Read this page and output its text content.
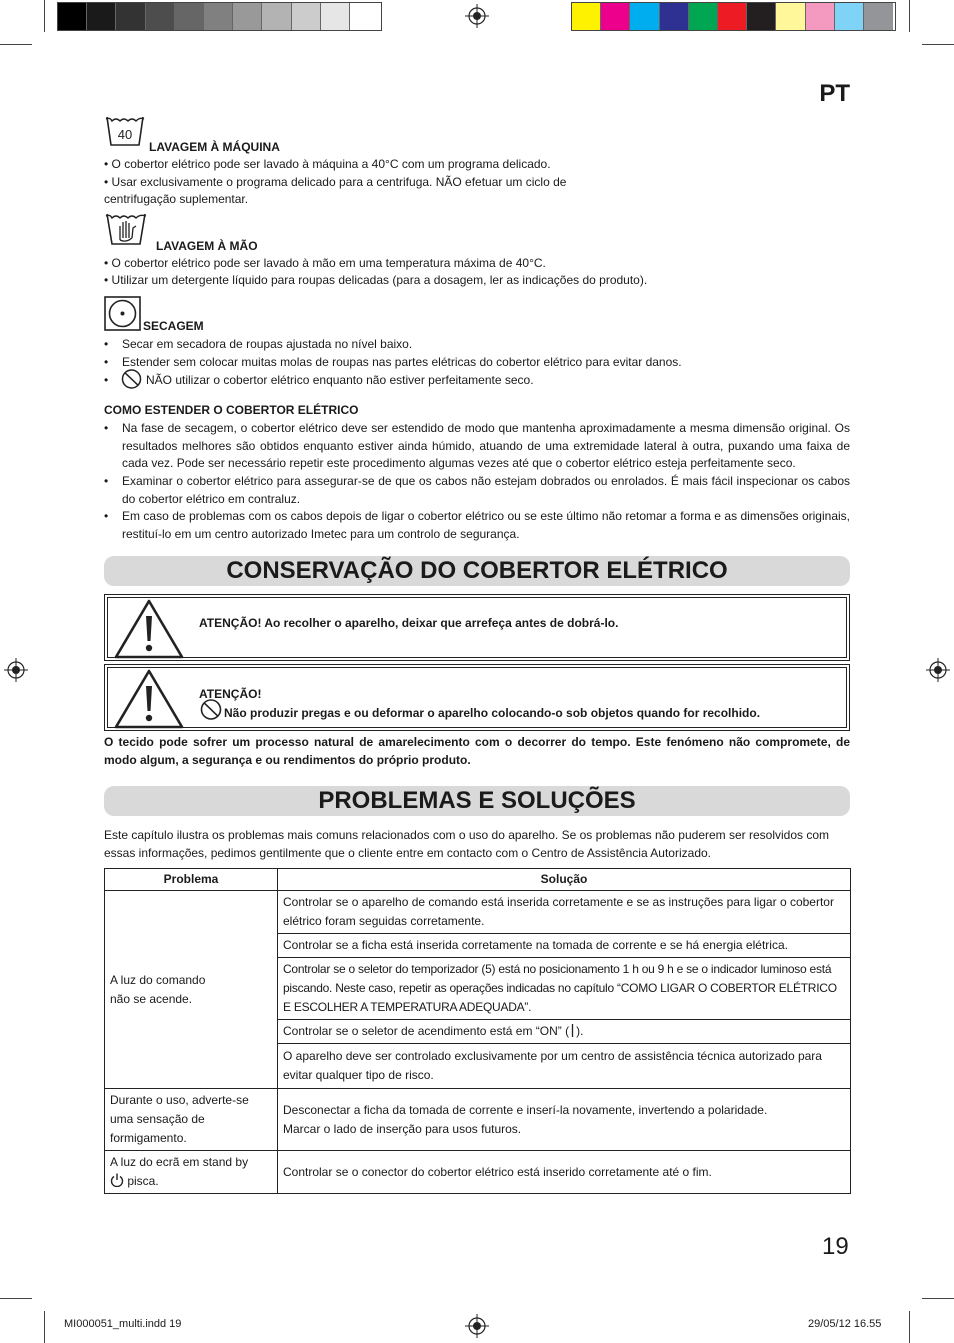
PT
40
LAVAGEM À MÁQUINA
• O cobertor elétrico pode ser lavado à máquina a 40°C com um programa delicado.
• Usar exclusivamente o programa delicado para a centrifuga. NÃO efetuar um ciclo de
centrifugação suplementar.
LAVAGEM À MÃO
• O cobertor elétrico pode ser lavado à mão em uma temperatura máxima de 40°C.
• Utilizar um detergente líquido para roupas delicadas (para a dosagem, ler as indicações do produto).
SECAGEM
• Secar em secadora de roupas ajustada no nível baixo.
• Estender sem colocar muitas molas de roupas nas partes elétricas do cobertor elétrico para evitar danos.
•	NÃO utilizar o cobertor elétrico enquanto não estiver perfeitamente seco.
COMO ESTENDER O COBERTOR ELÉTRICO
•	Na fase de secagem, o cobertor elétrico deve ser estendido de modo que mantenha aproximadamente a mesma dimensão original. Os resultados melhores são obtidos enquanto estiver ainda húmido, atuando de uma extremidade lateral à outra, puxando uma faixa de cada vez. Pode ser necessário repetir este procedimento algumas vezes até que o cobertor elétrico esteja perfeitamente seco.
•	Examinar o cobertor elétrico para assegurar-se de que os cabos não estejam dobrados ou enrolados. É mais fácil inspecionar os cabos do cobertor elétrico em contraluz.
•	Em caso de problemas com os cabos depois de ligar o cobertor elétrico ou se este último não retomar a forma e as dimensões originais, restituí-lo em um centro autorizado Imetec para um controlo de segurança.
CONSERVAÇÃO DO COBERTOR ELÉTRICO
ATENÇÃO! Ao recolher o aparelho, deixar que arrefeça antes de dobrá-lo.
ATENÇÃO!
Não produzir pregas e ou deformar o aparelho colocando-o sob objetos quando for recolhido.
O tecido pode sofrer um processo natural de amarelecimento com o decorrer do tempo. Este fenómeno não compromete, de modo algum, a segurança e ou rendimentos do próprio produto.
PROBLEMAS E SOLUÇÕES
Este capítulo ilustra os problemas mais comuns relacionados com o uso do aparelho. Se os problemas não puderem ser resolvidos com essas informações, pedimos gentilmente que o cliente entre em contacto com o Centro de Assistência Autorizado.
Problema	Solução
A luz do comando
não se acende.	Controlar se o aparelho de comando está inserida corretamente e se as instruções para ligar o cobertor elétrico foram seguidas corretamente.
	Controlar se a ficha está inserida corretamente na tomada de corrente e se há energia elétrica.
	Controlar se o seletor do temporizador (5) está no posicionamento 1 h ou 9 h e se o indicador luminoso está piscando. Neste caso, repetir as operações indicadas no capítulo “COMO LIGAR O COBERTOR ELÉTRICO E ESCOLHER A TEMPERATURA ADEQUADA”.
	Controlar se o seletor de acendimento está em “ON” ( ).
	O aparelho deve ser controlado exclusivamente por um centro de assistência técnica autorizado para evitar qualquer tipo de risco.
Durante o uso, adverte-se uma sensação de formigamento.	Desconectar a ficha da tomada de corrente e inserí-la novamente, invertendo a polaridade.
Marcar o lado de inserção para usos futuros.
A luz do ecrã em stand by
pisca.	Controlar se o conector do cobertor elétrico está inserido corretamente até o fim.
19
MI000051_multi.indd 19	29/05/12 16.55
